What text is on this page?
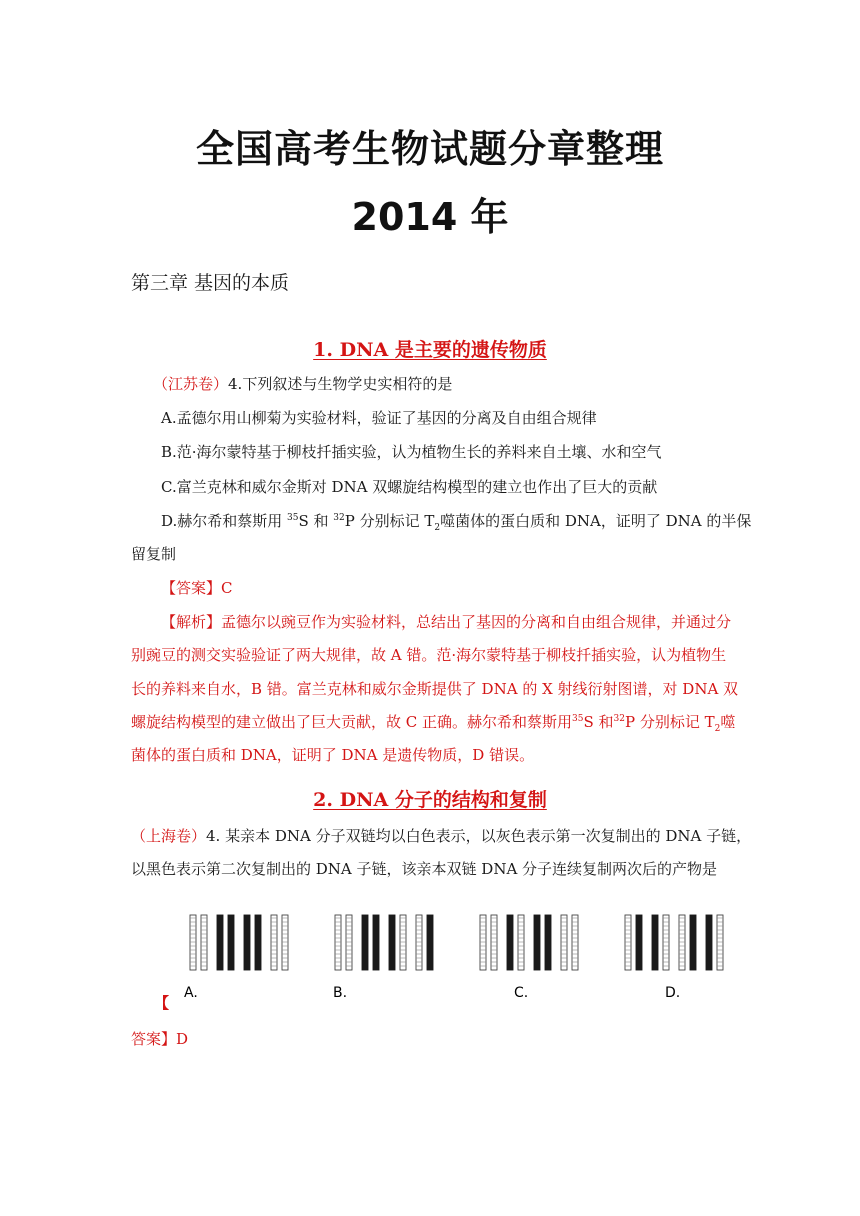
全国高考生物试题分章整理
2014 年
第三章 基因的本质
1. DNA 是主要的遗传物质
（江苏卷）4.下列叙述与生物学史实相符的是
A.孟德尔用山柳菊为实验材料，验证了基因的分离及自由组合规律
B.范·海尔蒙特基于柳枝扦插实验，认为植物生长的养料来自土壤、水和空气
C.富兰克林和威尔金斯对 DNA 双螺旋结构模型的建立也作出了巨大的贡献
D.赫尔希和蔡斯用 $^{35}$S 和 $^{32}$P 分别标记 $T_2$噬菌体的蛋白质和 DNA，证明了 DNA 的半保
留复制
【答案】C
【解析】孟德尔以豌豆作为实验材料，总结出了基因的分离和自由组合规律，并通过分
别豌豆的测交实验验证了两大规律，故 A 错。范·海尔蒙特基于柳枝扦插实验，认为植物生
长的养料来自水，B 错。富兰克林和威尔金斯提供了 DNA 的 X 射线衍射图谱，对 DNA 双
螺旋结构模型的建立做出了巨大贡献，故 C 正确。赫尔希和蔡斯用$^{35}$S 和$^{32}$P 分别标记 $T_2$噬
菌体的蛋白质和 DNA，证明了 DNA 是遗传物质，D 错误。
2. DNA 分子的结构和复制
（上海卷）4. 某亲本 DNA 分子双链均以白色表示，以灰色表示第一次复制出的 DNA 子链，
以黑色表示第二次复制出的 DNA 子链，该亲本双链 DNA 分子连续复制两次后的产物是
A.	B.	C.	D.
【
答案】D
